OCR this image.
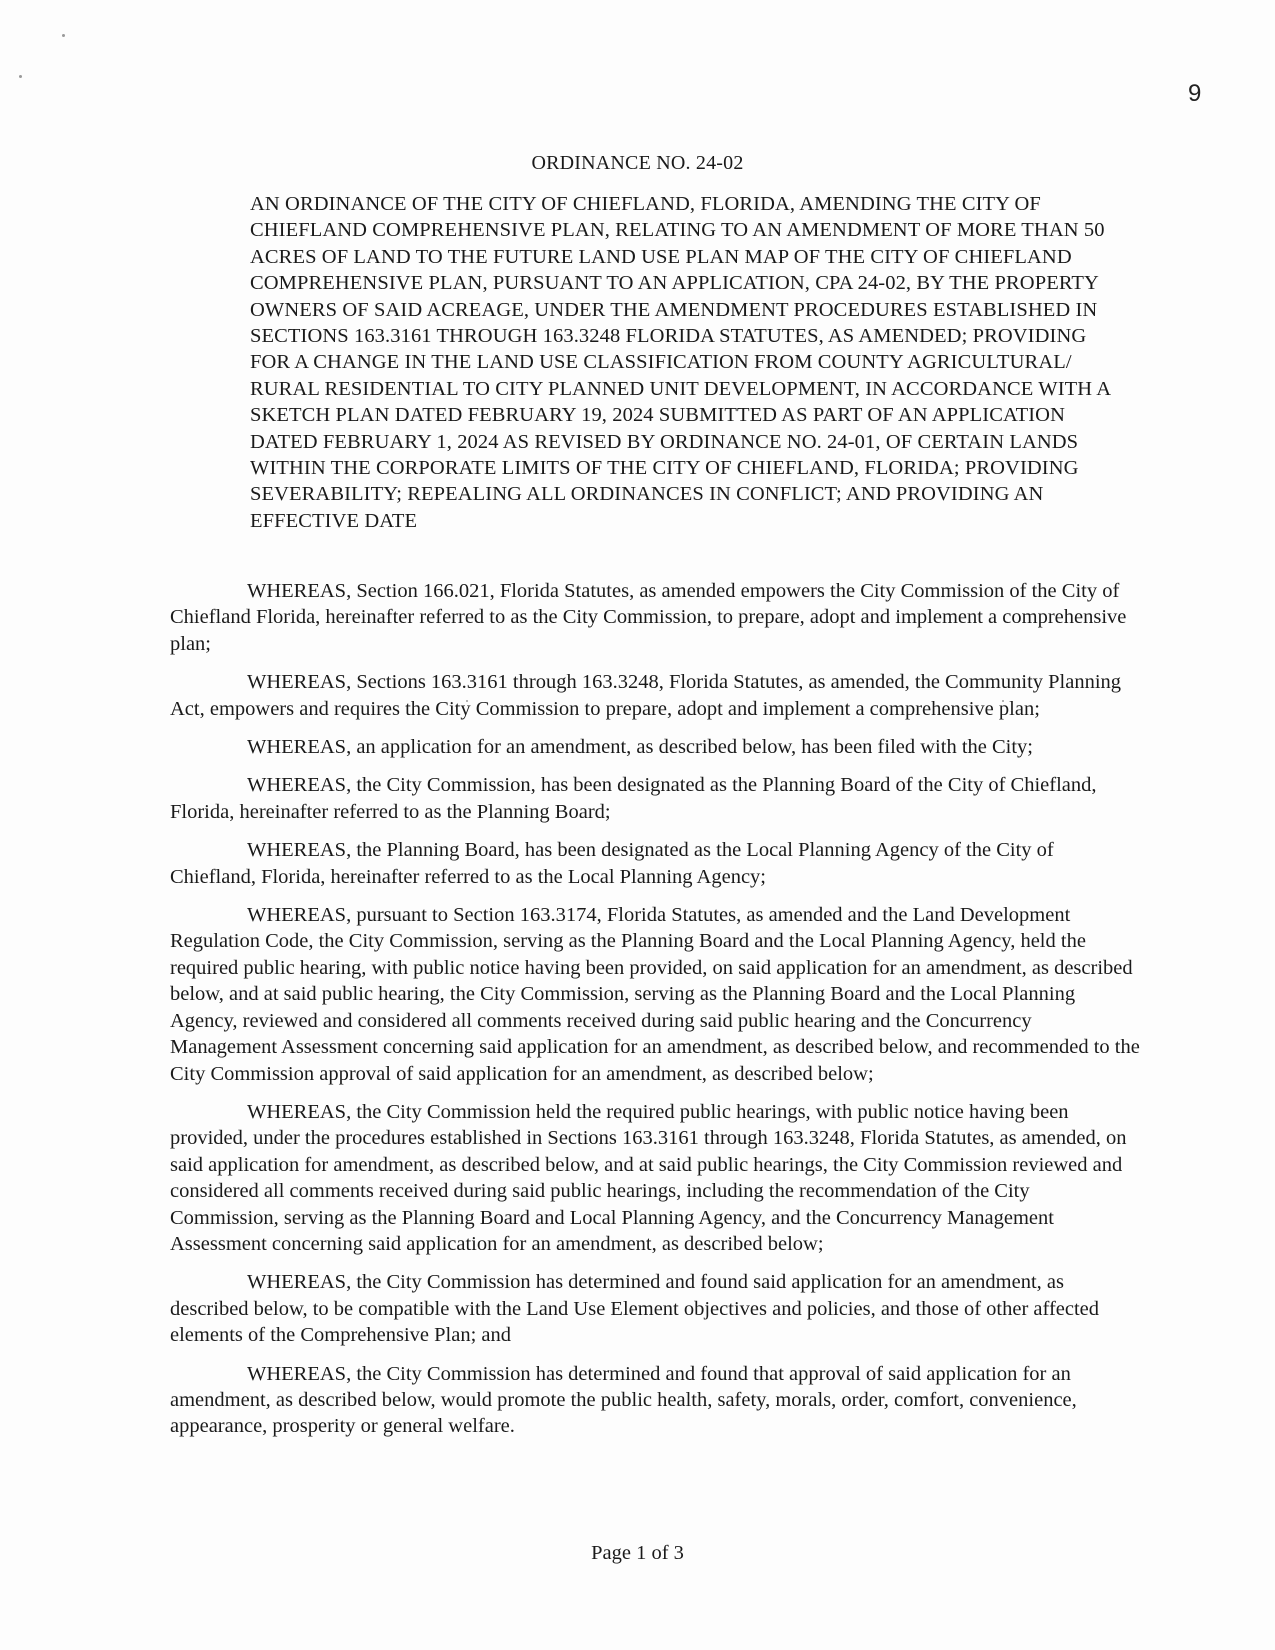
9
ORDINANCE NO. 24-02
AN ORDINANCE OF THE CITY OF CHIEFLAND, FLORIDA, AMENDING THE CITY OF CHIEFLAND COMPREHENSIVE PLAN, RELATING TO AN AMENDMENT OF MORE THAN 50 ACRES OF LAND TO THE FUTURE LAND USE PLAN MAP OF THE CITY OF CHIEFLAND COMPREHENSIVE PLAN, PURSUANT TO AN APPLICATION, CPA 24-02, BY THE PROPERTY OWNERS OF SAID ACREAGE, UNDER THE AMENDMENT PROCEDURES ESTABLISHED IN SECTIONS 163.3161 THROUGH 163.3248 FLORIDA STATUTES, AS AMENDED; PROVIDING FOR A CHANGE IN THE LAND USE CLASSIFICATION FROM COUNTY AGRICULTURAL/ RURAL RESIDENTIAL TO CITY PLANNED UNIT DEVELOPMENT, IN ACCORDANCE WITH A SKETCH PLAN DATED FEBRUARY 19, 2024 SUBMITTED AS PART OF AN APPLICATION DATED FEBRUARY 1, 2024 AS REVISED BY ORDINANCE NO. 24-01, OF CERTAIN LANDS WITHIN THE CORPORATE LIMITS OF THE CITY OF CHIEFLAND, FLORIDA; PROVIDING SEVERABILITY; REPEALING ALL ORDINANCES IN CONFLICT; AND PROVIDING AN EFFECTIVE DATE

WHEREAS, Section 166.021, Florida Statutes, as amended empowers the City Commission of the City of Chiefland Florida, hereinafter referred to as the City Commission, to prepare, adopt and implement a comprehensive plan;

WHEREAS, Sections 163.3161 through 163.3248, Florida Statutes, as amended, the Community Planning Act, empowers and requires the City Commission to prepare, adopt and implement a comprehensive plan;

WHEREAS, an application for an amendment, as described below, has been filed with the City;

WHEREAS, the City Commission, has been designated as the Planning Board of the City of Chiefland, Florida, hereinafter referred to as the Planning Board;

WHEREAS, the Planning Board, has been designated as the Local Planning Agency of the City of Chiefland, Florida, hereinafter referred to as the Local Planning Agency;

WHEREAS, pursuant to Section 163.3174, Florida Statutes, as amended and the Land Development Regulation Code, the City Commission, serving as the Planning Board and the Local Planning Agency, held the required public hearing, with public notice having been provided, on said application for an amendment, as described below, and at said public hearing, the City Commission, serving as the Planning Board and the Local Planning Agency, reviewed and considered all comments received during said public hearing and the Concurrency Management Assessment concerning said application for an amendment, as described below, and recommended to the City Commission approval of said application for an amendment, as described below;

WHEREAS, the City Commission held the required public hearings, with public notice having been provided, under the procedures established in Sections 163.3161 through 163.3248, Florida Statutes, as amended, on said application for amendment, as described below, and at said public hearings, the City Commission reviewed and considered all comments received during said public hearings, including the recommendation of the City Commission, serving as the Planning Board and Local Planning Agency, and the Concurrency Management Assessment concerning said application for an amendment, as described below;

WHEREAS, the City Commission has determined and found said application for an amendment, as described below, to be compatible with the Land Use Element objectives and policies, and those of other affected elements of the Comprehensive Plan; and

WHEREAS, the City Commission has determined and found that approval of said application for an amendment, as described below, would promote the public health, safety, morals, order, comfort, convenience, appearance, prosperity or general welfare.

Page 1 of 3
